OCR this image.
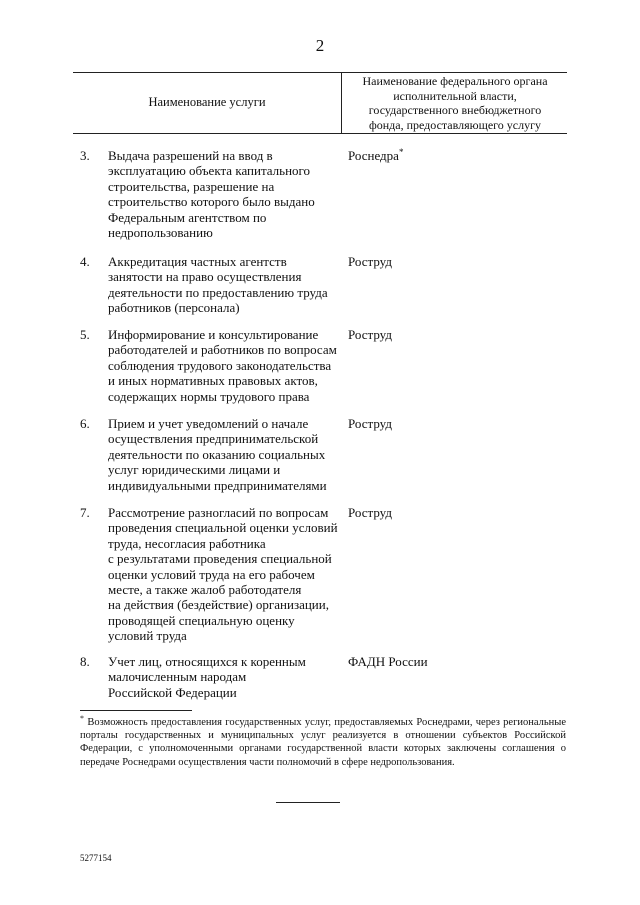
2
Наименование услуги
Наименование федерального органа
исполнительной власти,
государственного внебюджетного
фонда, предоставляющего услугу
3. Выдача разрешений на ввод в
эксплуатацию объекта капитального
строительства, разрешение на
строительство которого было выдано
Федеральным агентством по
недропользованию
Роснедра*
4. Аккредитация частных агентств
занятости на право осуществления
деятельности по предоставлению труда
работников (персонала)
Роструд
5. Информирование и консультирование
работодателей и работников по вопросам
соблюдения трудового законодательства
и иных нормативных правовых актов,
содержащих нормы трудового права
Роструд
6. Прием и учет уведомлений о начале
осуществления предпринимательской
деятельности по оказанию социальных
услуг юридическими лицами и
индивидуальными предпринимателями
Роструд
7. Рассмотрение разногласий по вопросам
проведения специальной оценки условий
труда, несогласия работника
с результатами проведения специальной
оценки условий труда на его рабочем
месте, а также жалоб работодателя
на действия (бездействие) организации,
проводящей специальную оценку
условий труда
Роструд
8. Учет лиц, относящихся к коренным
малочисленным народам
Российской Федерации
ФАДН России
* Возможность предоставления государственных услуг, предоставляемых Роснедрами, через региональные порталы государственных и муниципальных услуг реализуется в отношении субъектов Российской Федерации, с уполномоченными органами государственной власти которых заключены соглашения о передаче Роснедрами осуществления части полномочий в сфере недропользования.
5277154
